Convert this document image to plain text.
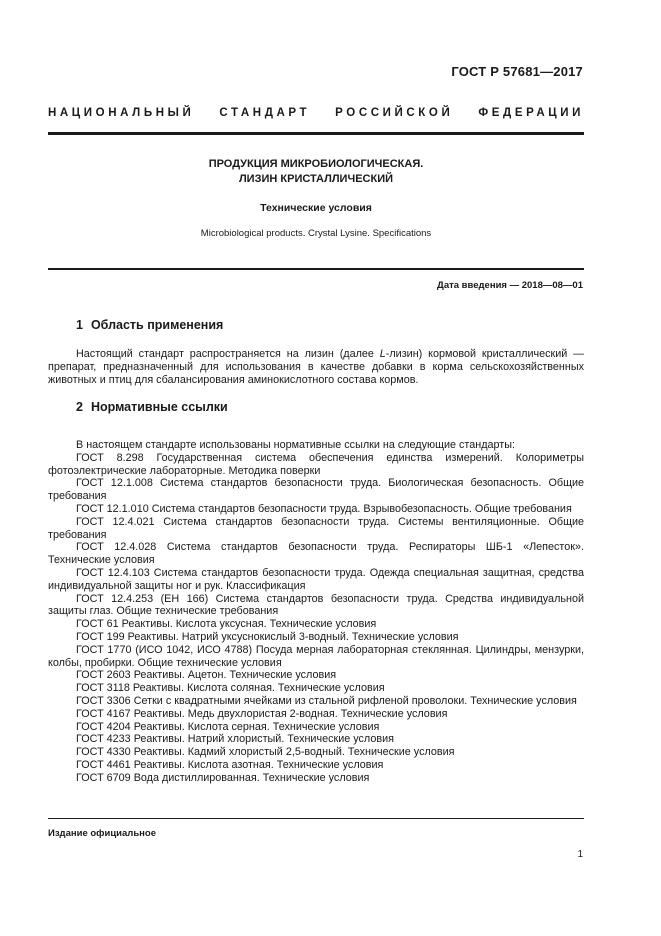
ГОСТ Р 57681—2017
НАЦИОНАЛЬНЫЙ СТАНДАРТ РОССИЙСКОЙ ФЕДЕРАЦИИ
ПРОДУКЦИЯ МИКРОБИОЛОГИЧЕСКАЯ.
ЛИЗИН КРИСТАЛЛИЧЕСКИЙ
Технические условия
Microbiological products. Crystal Lysine. Specifications
Дата введения — 2018—08—01
1 Область применения

Настоящий стандарт распространяется на лизин (далее L-лизин) кормовой кристаллический — препарат, предназначенный для использования в качестве добавки в корма сельскохозяйственных животных и птиц для сбалансирования аминокислотного состава кормов.

2 Нормативные ссылки

В настоящем стандарте использованы нормативные ссылки на следующие стандарты:

ГОСТ 8.298 Государственная система обеспечения единства измерений. Колориметры фотоэлектрические лабораторные. Методика поверки

ГОСТ 12.1.008 Система стандартов безопасности труда. Биологическая безопасность. Общие требования

ГОСТ 12.1.010 Система стандартов безопасности труда. Взрывобезопасность. Общие требования

ГОСТ 12.4.021 Система стандартов безопасности труда. Системы вентиляционные. Общие требования

ГОСТ 12.4.028 Система стандартов безопасности труда. Респираторы ШБ-1 «Лепесток». Технические условия

ГОСТ 12.4.103 Система стандартов безопасности труда. Одежда специальная защитная, средства индивидуальной защиты ног и рук. Классификация

ГОСТ 12.4.253 (ЕН 166) Система стандартов безопасности труда. Средства индивидуальной защиты глаз. Общие технические требования

ГОСТ 61 Реактивы. Кислота уксусная. Технические условия

ГОСТ 199 Реактивы. Натрий уксуснокислый 3-водный. Технические условия

ГОСТ 1770 (ИСО 1042, ИСО 4788) Посуда мерная лабораторная стеклянная. Цилиндры, мензурки, колбы, пробирки. Общие технические условия

ГОСТ 2603 Реактивы. Ацетон. Технические условия

ГОСТ 3118 Реактивы. Кислота соляная. Технические условия

ГОСТ 3306 Сетки с квадратными ячейками из стальной рифленой проволоки. Технические условия

ГОСТ 4167 Реактивы. Медь двухлористая 2-водная. Технические условия

ГОСТ 4204 Реактивы. Кислота серная. Технические условия

ГОСТ 4233 Реактивы. Натрий хлористый. Технические условия

ГОСТ 4330 Реактивы. Кадмий хлористый 2,5-водный. Технические условия

ГОСТ 4461 Реактивы. Кислота азотная. Технические условия

ГОСТ 6709 Вода дистиллированная. Технические условия

Издание официальное
1
